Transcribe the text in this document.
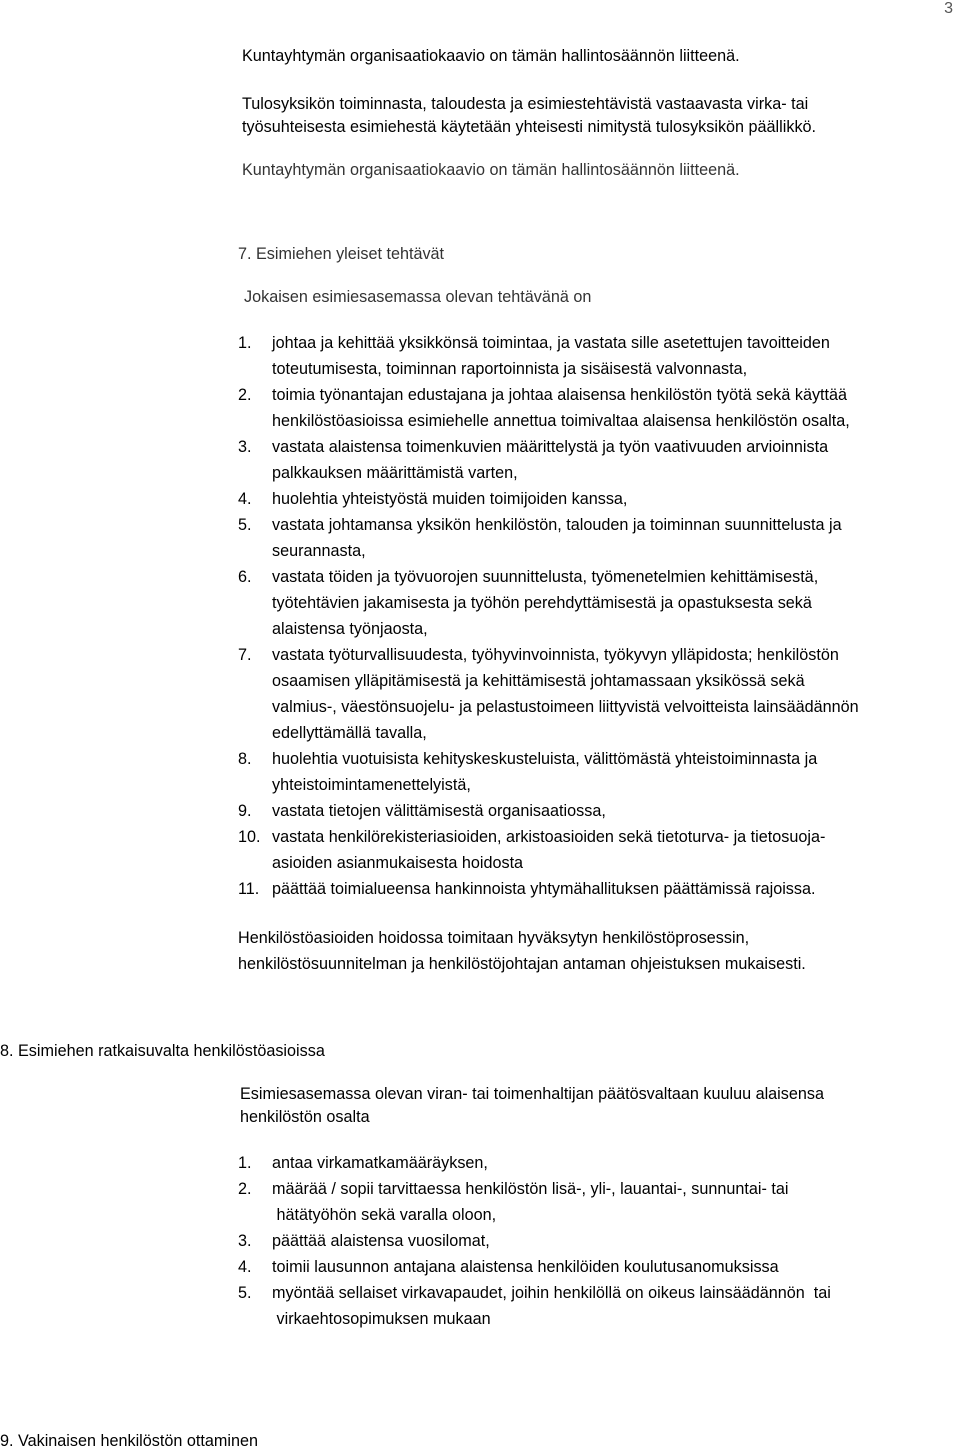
3
Kuntayhtymän organisaatiokaavio on tämän hallintosäännön liitteenä.
Tulosyksikön toiminnasta, taloudesta ja esimiestehtävistä vastaavasta virka- tai
työsuhteisesta esimiehestä käytetään yhteisesti nimitystä tulosyksikön päällikkö.
Kuntayhtymän organisaatiokaavio on tämän hallintosäännön liitteenä.
7. Esimiehen yleiset tehtävät
Jokaisen esimiesasemassa olevan tehtävänä on
1. johtaa ja kehittää yksikkönsä toimintaa, ja vastata sille asetettujen tavoitteiden
toteutumisesta, toiminnan raportoinnista ja sisäisestä valvonnasta,
2. toimia työnantajan edustajana ja johtaa alaisensa henkilöstön työtä sekä käyttää
henkilöstöasioissa esimiehelle annettua toimivaltaa alaisensa henkilöstön osalta,
3. vastata alaistensa toimenkuvien määrittelystä ja työn vaativuuden arvioinnista
palkkauksen määrittämistä varten,
4. huolehtia yhteistyöstä muiden toimijoiden kanssa,
5. vastata johtamansa yksikön henkilöstön, talouden ja toiminnan suunnittelusta ja
seurannasta,
6. vastata töiden ja työvuorojen suunnittelusta, työmenetelmien kehittämisestä,
työtehtävien jakamisesta ja työhön perehdyttämisestä ja opastuksesta sekä
alaistensa työnjaosta,
7. vastata työturvallisuudesta, työhyvinvoinnista, työkyvyn ylläpidosta; henkilöstön
osaamisen ylläpitämisestä ja kehittämisestä johtamassaan yksikössä sekä
valmius-, väestönsuojelu- ja pelastustoimeen liittyvistä velvoitteista lainsäädännön
edellyttämällä tavalla,
8. huolehtia vuotuisista kehityskeskusteluista, välittömästä yhteistoiminnasta ja
yhteistoimintamenettelyistä,
9. vastata tietojen välittämisestä organisaatiossa,
10. vastata henkilörekisteriasioiden, arkistoasioiden sekä tietoturva- ja tietosuoja-
asioiden asianmukaisesta hoidosta
11. päättää toimialueensa hankinnoista yhtymähallituksen päättämissä rajoissa.
Henkilöstöasioiden hoidossa toimitaan hyväksytyn henkilöstöprosessin,
henkilöstösuunnitelman ja henkilöstöjohtajan antaman ohjeistuksen mukaisesti.
8. Esimiehen ratkaisuvalta henkilöstöasioissa
Esimiesasemassa olevan viran- tai toimenhaltijan päätösvaltaan kuuluu alaisensa
henkilöstön osalta
1. antaa virkamatkamääräyksen,
2. määrää / sopii tarvittaessa henkilöstön lisä-, yli-, lauantai-, sunnuntai- tai
hätätyöhön sekä varalla oloon,
3. päättää alaistensa vuosilomat,
4. toimii lausunnon antajana alaistensa henkilöiden koulutusanomuksissa
5. myöntää sellaiset virkavapaudet, joihin henkilöllä on oikeus lainsäädännön  tai
virkaehtosopimuksen mukaan
9. Vakinaisen henkilöstön ottaminen
